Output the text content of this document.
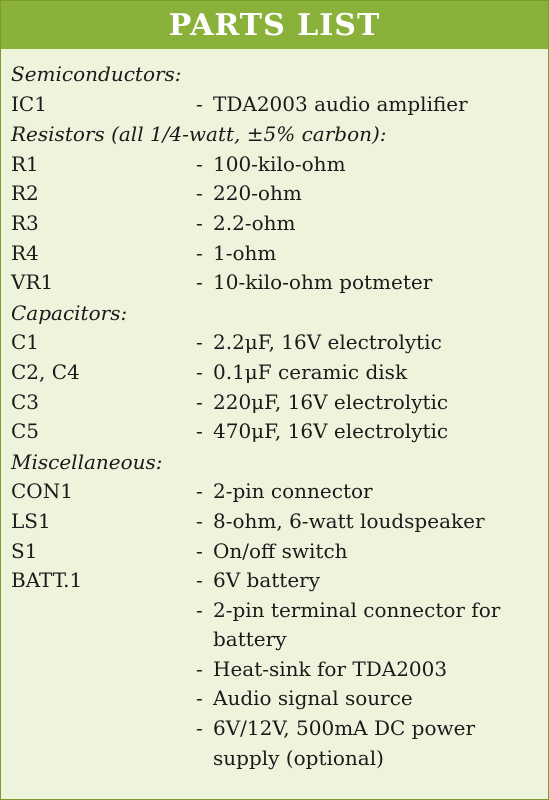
PARTS LIST
Semiconductors:
IC1	- TDA2003 audio amplifier
Resistors (all 1/4-watt, ±5% carbon):
R1	- 100-kilo-ohm
R2	- 220-ohm
R3	- 2.2-ohm
R4	- 1-ohm
VR1	- 10-kilo-ohm potmeter
Capacitors:
C1	- 2.2μF, 16V electrolytic
C2, C4	- 0.1μF ceramic disk
C3	- 220μF, 16V electrolytic
C5	- 470μF, 16V electrolytic
Miscellaneous:
CON1	- 2-pin connector
LS1	- 8-ohm, 6-watt loudspeaker
S1	- On/off switch
BATT.1	- 6V battery
- 2-pin terminal connector for battery
- Heat-sink for TDA2003
- Audio signal source
- 6V/12V, 500mA DC power supply (optional)
